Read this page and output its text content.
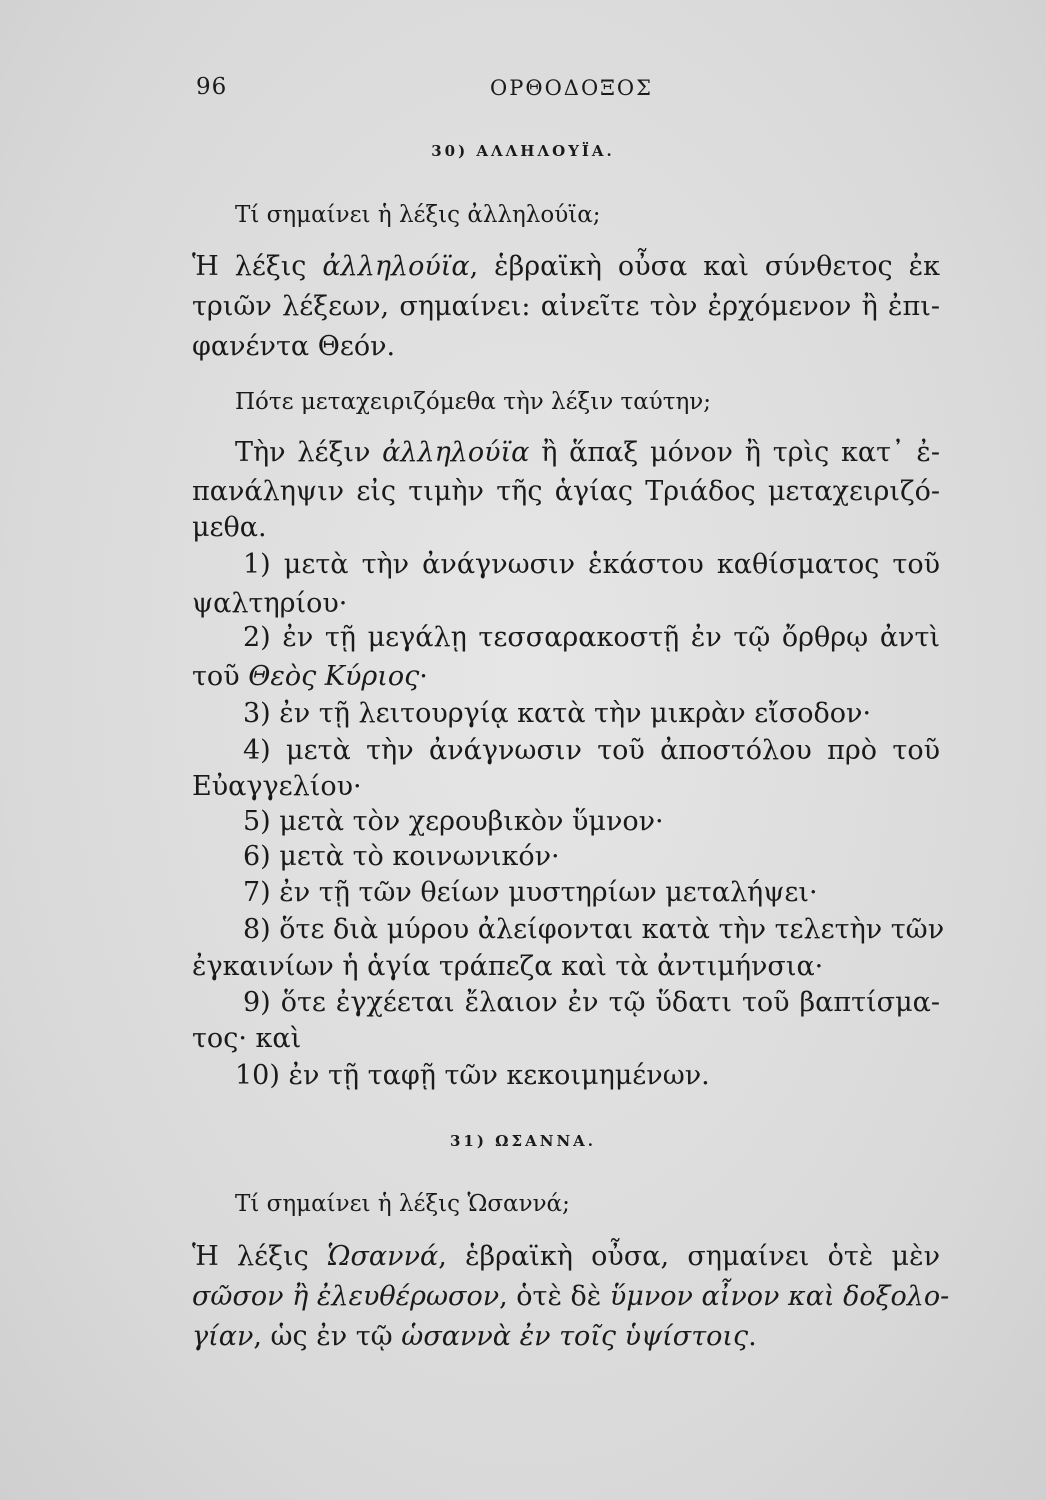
96	ΟΡΘΟΔΟΞΟΣ
30) ΑΛΛΗΛΟΥΪΑ.
Τί σημαίνει ἡ λέξις ἀλληλούϊα;
Ἡ λέξις ἀλληλούϊα, ἑβραϊκὴ οὖσα καὶ σύνθετος ἐκ
τριῶν λέξεων, σημαίνει: αἰνεῖτε τὸν ἐρχόμενον ἢ ἐπι-
φανέντα Θεόν.
Πότε μεταχειριζόμεθα τὴν λέξιν ταύτην;
Τὴν λέξιν ἀλληλούϊα ἢ ἅπαξ μόνον ἢ τρὶς κατ᾽ ἐ-
πανάληψιν εἰς τιμὴν τῆς ἁγίας Τριάδος μεταχειριζό-
μεθα.
1) μετὰ τὴν ἀνάγνωσιν ἑκάστου καθίσματος τοῦ
ψαλτηρίου·
2) ἐν τῇ μεγάλῃ τεσσαρακοστῇ ἐν τῷ ὄρθρῳ ἀντὶ
τοῦ Θεὸς Κύριος·
3) ἐν τῇ λειτουργίᾳ κατὰ τὴν μικρὰν εἴσοδον·
4) μετὰ τὴν ἀνάγνωσιν τοῦ ἀποστόλου πρὸ τοῦ
Εὐαγγελίου·
5) μετὰ τὸν χερουβικὸν ὕμνον·
6) μετὰ τὸ κοινωνικόν·
7) ἐν τῇ τῶν θείων μυστηρίων μεταλήψει·
8) ὅτε διὰ μύρου ἀλείφονται κατὰ τὴν τελετὴν τῶν
ἐγκαινίων ἡ ἁγία τράπεζα καὶ τὰ ἀντιμήνσια·
9) ὅτε ἐγχέεται ἔλαιον ἐν τῷ ὕδατι τοῦ βαπτίσμα-
τος· καὶ
10) ἐν τῇ ταφῇ τῶν κεκοιμημένων.
31) ΩΣΑΝΝΑ.
Τί σημαίνει ἡ λέξις Ὡσαννά;
Ἡ λέξις Ὡσαννά, ἑβραϊκὴ οὖσα, σημαίνει ὁτὲ μὲν
σῶσον ἢ ἐλευθέρωσον, ὁτὲ δὲ ὕμνον αἶνον καὶ δοξολο-
γίαν, ὡς ἐν τῷ ὡσαννὰ ἐν τοῖς ὑψίστοις.
